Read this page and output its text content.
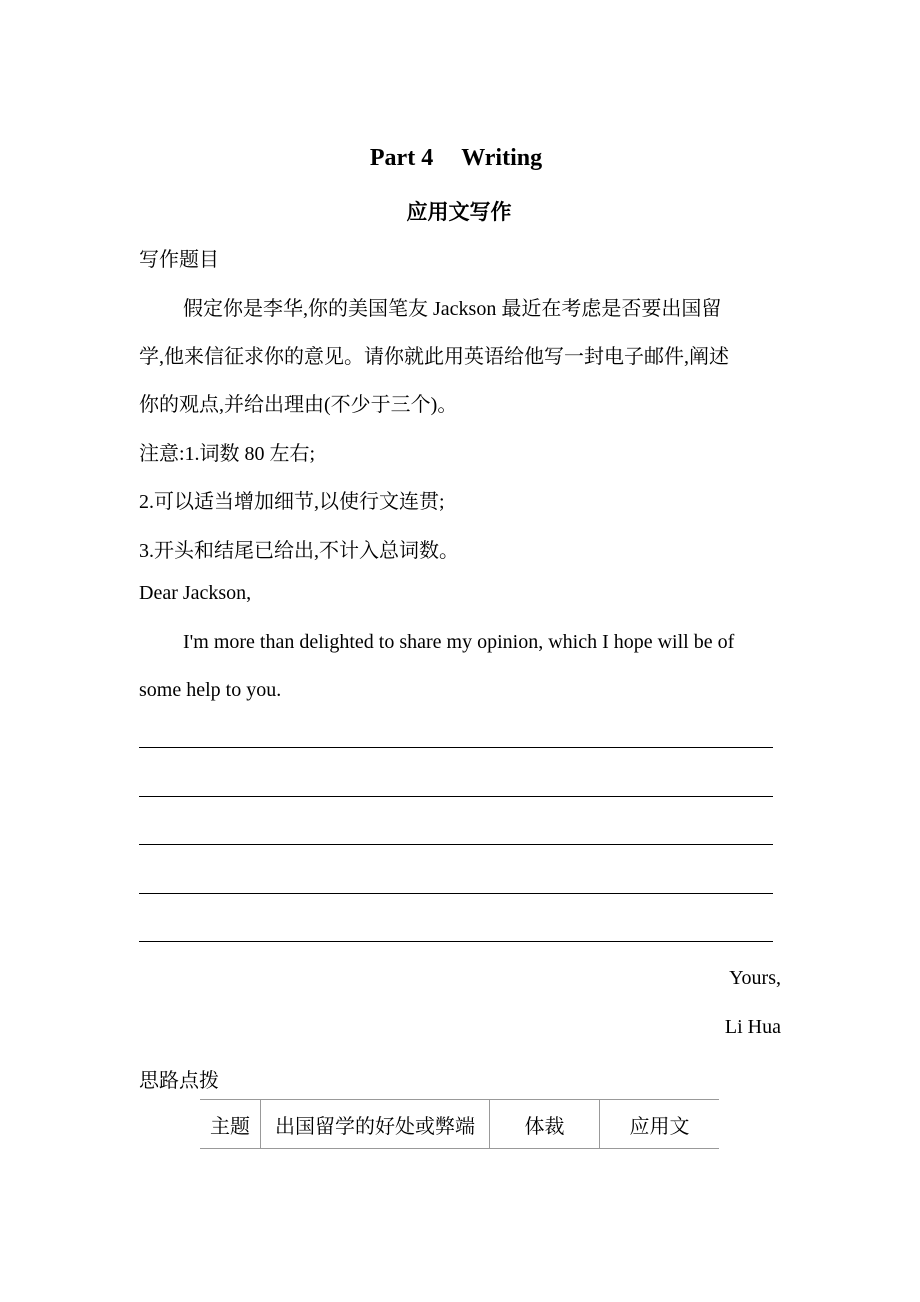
Part 4 Writing
应用文写作
写作题目
假定你是李华,你的美国笔友 Jackson 最近在考虑是否要出国留
学,他来信征求你的意见。请你就此用英语给他写一封电子邮件,阐述
你的观点,并给出理由(不少于三个)。
注意:1.词数 80 左右;
2.可以适当增加细节,以使行文连贯;
3.开头和结尾已给出,不计入总词数。
Dear Jackson,
I'm more than delighted to share my opinion, which I hope will be of
some help to you.
Yours,
Li Hua
思路点拨
主题	出国留学的好处或弊端	体裁	应用文
